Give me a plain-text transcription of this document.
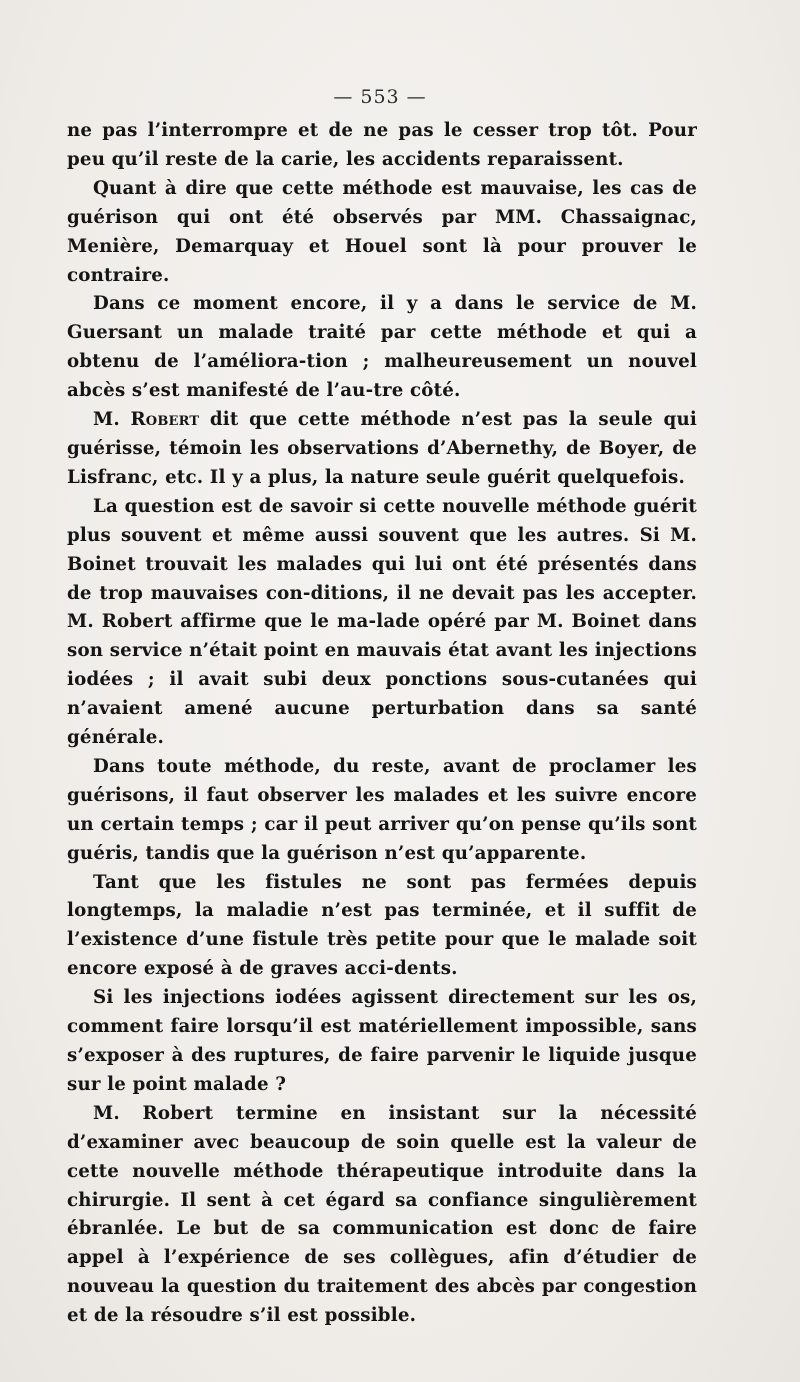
— 553 —

ne pas l’interrompre et de ne pas le cesser trop tôt. Pour peu qu’il reste de la carie, les accidents reparaissent.

Quant à dire que cette méthode est mauvaise, les cas de guérison qui ont été observés par MM. Chassaignac, Menière, Demarquay et Houel sont là pour prouver le contraire.

Dans ce moment encore, il y a dans le service de M. Guersant un malade traité par cette méthode et qui a obtenu de l’améliora-tion ; malheureusement un nouvel abcès s’est manifesté de l’au-tre côté.

M. Robert dit que cette méthode n’est pas la seule qui guérisse, témoin les observations d’Abernethy, de Boyer, de Lisfranc, etc. Il y a plus, la nature seule guérit quelquefois.

La question est de savoir si cette nouvelle méthode guérit plus souvent et même aussi souvent que les autres. Si M. Boinet trouvait les malades qui lui ont été présentés dans de trop mauvaises con-ditions, il ne devait pas les accepter. M. Robert affirme que le ma-lade opéré par M. Boinet dans son service n’était point en mauvais état avant les injections iodées ; il avait subi deux ponctions sous-cutanées qui n’avaient amené aucune perturbation dans sa santé générale.

Dans toute méthode, du reste, avant de proclamer les guérisons, il faut observer les malades et les suivre encore un certain temps ; car il peut arriver qu’on pense qu’ils sont guéris, tandis que la guérison n’est qu’apparente.

Tant que les fistules ne sont pas fermées depuis longtemps, la maladie n’est pas terminée, et il suffit de l’existence d’une fistule très petite pour que le malade soit encore exposé à de graves acci-dents.

Si les injections iodées agissent directement sur les os, comment faire lorsqu’il est matériellement impossible, sans s’exposer à des ruptures, de faire parvenir le liquide jusque sur le point malade ?

M. Robert termine en insistant sur la nécessité d’examiner avec beaucoup de soin quelle est la valeur de cette nouvelle méthode thérapeutique introduite dans la chirurgie. Il sent à cet égard sa confiance singulièrement ébranlée. Le but de sa communication est donc de faire appel à l’expérience de ses collègues, afin d’étudier de nouveau la question du traitement des abcès par congestion et de la résoudre s’il est possible.
